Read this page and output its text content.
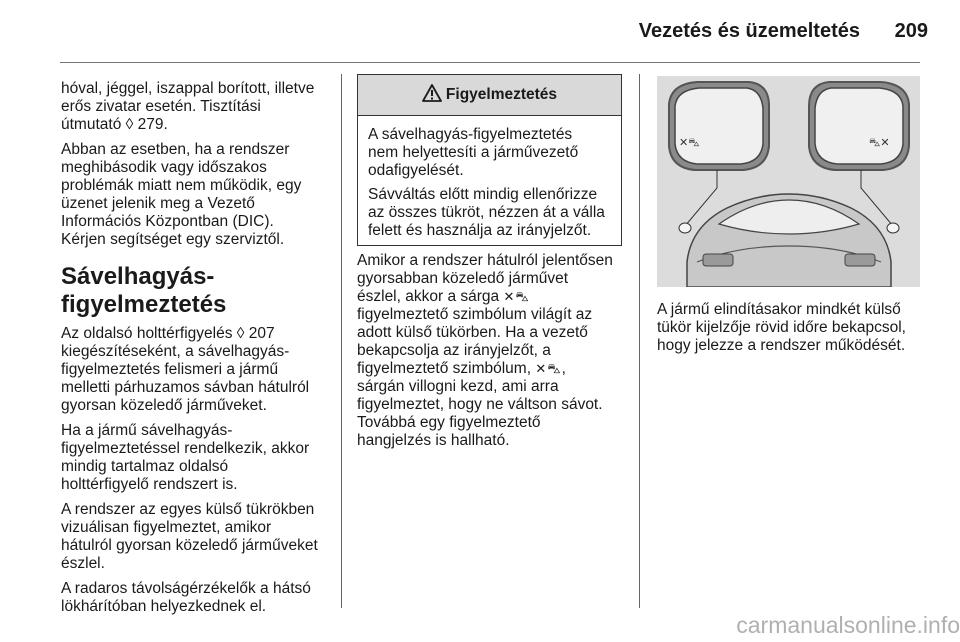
Vezetés és üzemeltetés	209

hóval, jéggel, iszappal borított, illetve
erős zivatar esetén. Tisztítási
útmutató ◊ 279.

Abban az esetben, ha a rendszer
meghibásodik vagy időszakos
problémák miatt nem működik, egy
üzenet jelenik meg a Vezető
Információs Központban (DIC).
Kérjen segítséget egy szerviztől.

Sávelhagyás-
figyelmeztetés

Az oldalsó holttérfigyelés ◊ 207
kiegészítéseként, a sávelhagyás-
figyelmeztetés felismeri a jármű
melletti párhuzamos sávban hátulról
gyorsan közeledő járműveket.

Ha a jármű sávelhagyás-
figyelmeztetéssel rendelkezik, akkor
mindig tartalmaz oldalsó
holttérfigyelő rendszert is.

A rendszer az egyes külső tükrökben
vizuálisan figyelmeztet, amikor
hátulról gyorsan közeledő járműveket
észlel.

A radaros távolságérzékelők a hátsó
lökhárítóban helyezkednek el.

Figyelmeztetés

A sávelhagyás-figyelmeztetés
nem helyettesíti a járművezető
odafigyelését.

Sávváltás előtt mindig ellenőrizze
az összes tükröt, nézzen át a válla
felett és használja az irányjelzőt.

Amikor a rendszer hátulról jelentősen
gyorsabban közeledő járművet
észlel, akkor a sárga ✕⛍
figyelmeztető szimbólum világít az
adott külső tükörben. Ha a vezető
bekapcsolja az irányjelzőt, a
figyelmeztető szimbólum, ✕⛍,
sárgán villogni kezd, ami arra
figyelmeztet, hogy ne váltson sávot.
Továbbá egy figyelmeztető
hangjelzés is hallható.

✕⛍	⛍✕

A jármű elindításakor mindkét külső
tükör kijelzője rövid időre bekapcsol,
hogy jelezze a rendszer működését.

carmanualsonline.info
